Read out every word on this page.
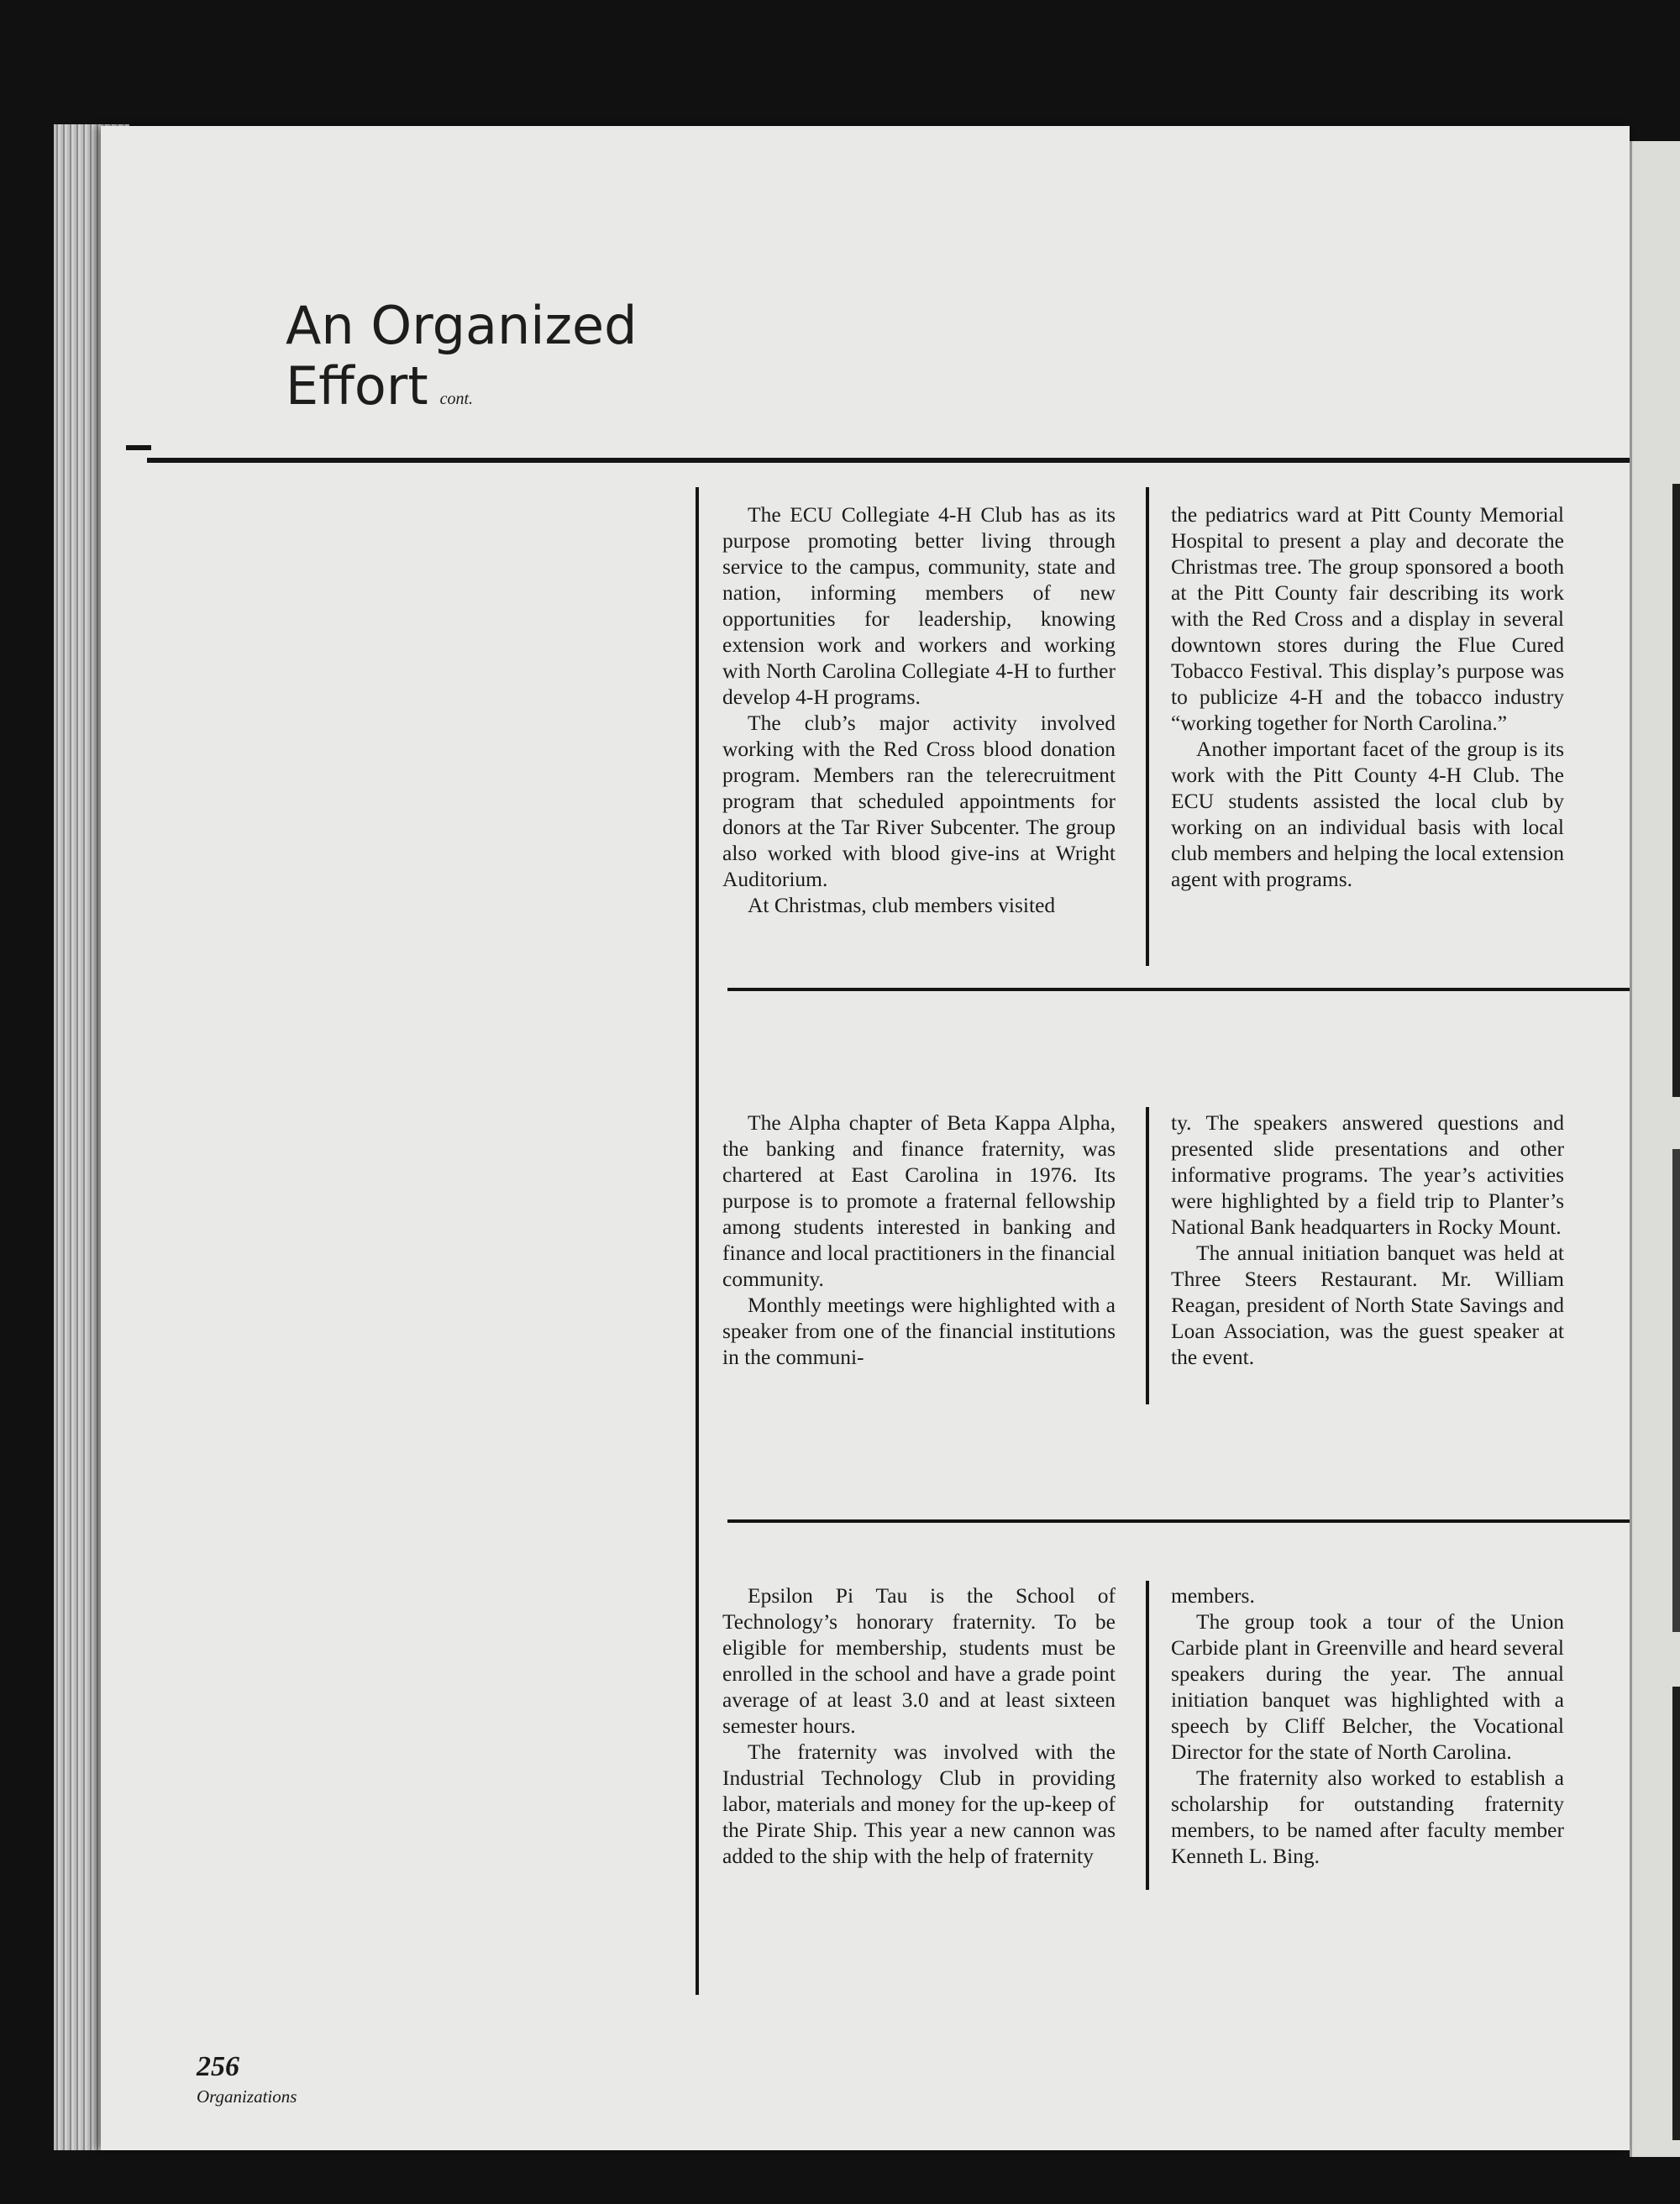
An Organized
Effort cont.

The ECU Collegiate 4-H Club has as its purpose promoting better living through service to the campus, community, state and nation, informing members of new opportunities for leadership, knowing extension work and workers and working with North Carolina Collegiate 4-H to further develop 4-H programs.

The club’s major activity involved working with the Red Cross blood donation program. Members ran the telerecruitment program that scheduled appointments for donors at the Tar River Subcenter. The group also worked with blood give-ins at Wright Auditorium.

At Christmas, club members visited

the pediatrics ward at Pitt County Memorial Hospital to present a play and decorate the Christmas tree. The group sponsored a booth at the Pitt County fair describing its work with the Red Cross and a display in several downtown stores during the Flue Cured Tobacco Festival. This display’s purpose was to publicize 4-H and the tobacco industry “working together for North Carolina.”

Another important facet of the group is its work with the Pitt County 4-H Club. The ECU students assisted the local club by working on an individual basis with local club members and helping the local extension agent with programs.

The Alpha chapter of Beta Kappa Alpha, the banking and finance fraternity, was chartered at East Carolina in 1976. Its purpose is to promote a fraternal fellowship among students interested in banking and finance and local practitioners in the financial community.

Monthly meetings were highlighted with a speaker from one of the financial institutions in the communi-

ty. The speakers answered questions and presented slide presentations and other informative programs. The year’s activities were highlighted by a field trip to Planter’s National Bank headquarters in Rocky Mount.

The annual initiation banquet was held at Three Steers Restaurant. Mr. William Reagan, president of North State Savings and Loan Association, was the guest speaker at the event.

Epsilon Pi Tau is the School of Technology’s honorary fraternity. To be eligible for membership, students must be enrolled in the school and have a grade point average of at least 3.0 and at least sixteen semester hours.

The fraternity was involved with the Industrial Technology Club in providing labor, materials and money for the up-keep of the Pirate Ship. This year a new cannon was added to the ship with the help of fraternity

members.

The group took a tour of the Union Carbide plant in Greenville and heard several speakers during the year. The annual initiation banquet was highlighted with a speech by Cliff Belcher, the Vocational Director for the state of North Carolina.

The fraternity also worked to establish a scholarship for outstanding fraternity members, to be named after faculty member Kenneth L. Bing.

256
Organizations
